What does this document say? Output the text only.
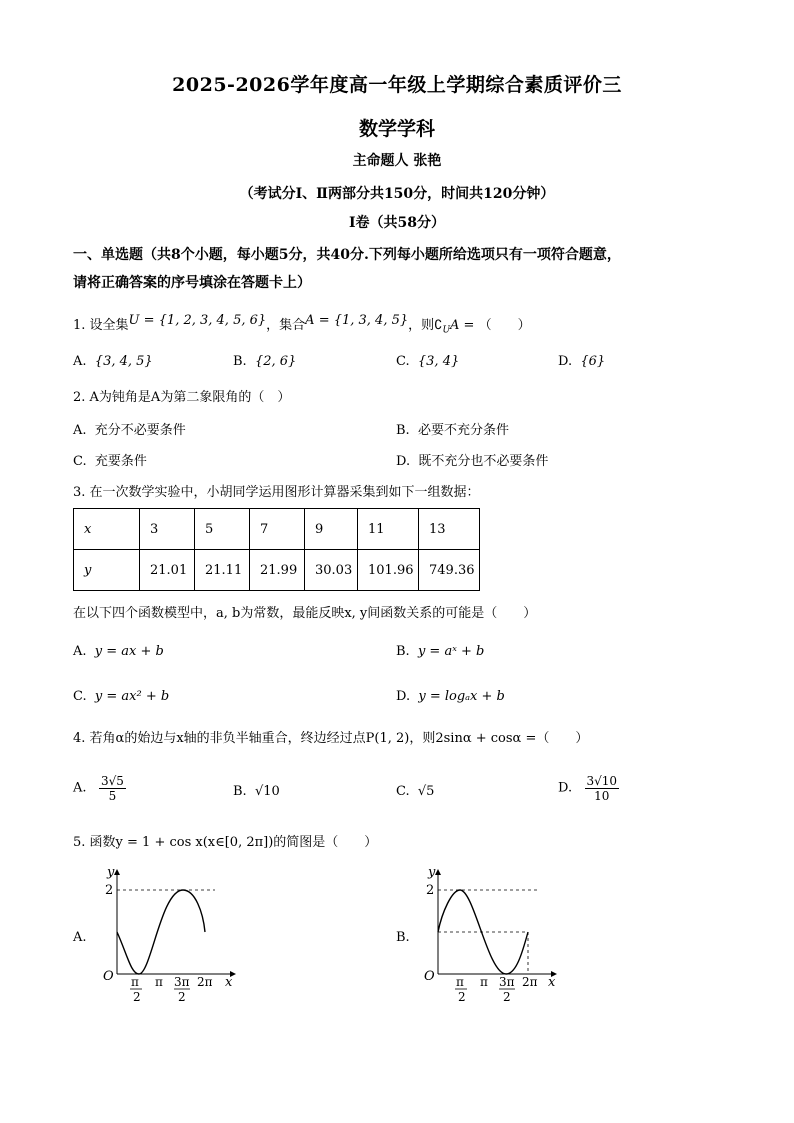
2025-2026学年度高一年级上学期综合素质评价三
数学学科
主命题人 张艳
（考试分Ⅰ、Ⅱ两部分共150分，时间共120分钟）
Ⅰ卷（共58分）
一、单选题（共8个小题，每小题5分，共40分.下列每小题所给选项只有一项符合题意，
请将正确答案的序号填涂在答题卡上）
1. 设全集U = {1, 2, 3, 4, 5, 6}，集合A = {1, 3, 4, 5}，则$∁_UA$ = （　　）
A. {3, 4, 5}	B. {2, 6}	C. {3, 4}	D. {6}
2. A为钝角是A为第二象限角的（　）
A. 充分不必要条件	B. 必要不充分条件
C. 充要条件	D. 既不充分也不必要条件
3. 在一次数学实验中，小胡同学运用图形计算器采集到如下一组数据：
x	3	5	7	9	11	13
y	21.01	21.11	21.99	30.03	101.96	749.36
在以下四个函数模型中，a, b为常数，最能反映x, y间函数关系的可能是（　　）
A. y = ax + b	B. y = aˣ + b
C. y = ax² + b	D. y = logₐx + b
4. 若角α的始边与x轴的非负半轴重合，终边经过点P(1, 2)，则2sinα + cosα =（　　）
A. $\frac{3√5}{5}$	B. √10	C. √5	D. $\frac{3√10}{10}$
5. 函数y = 1 + cos x(x∈[0, 2π])的简图是（　　）
A.
y
2
O π
2
π 3π
2
2π x
B.
y
2
O π
2
π 3π
2
2π x
